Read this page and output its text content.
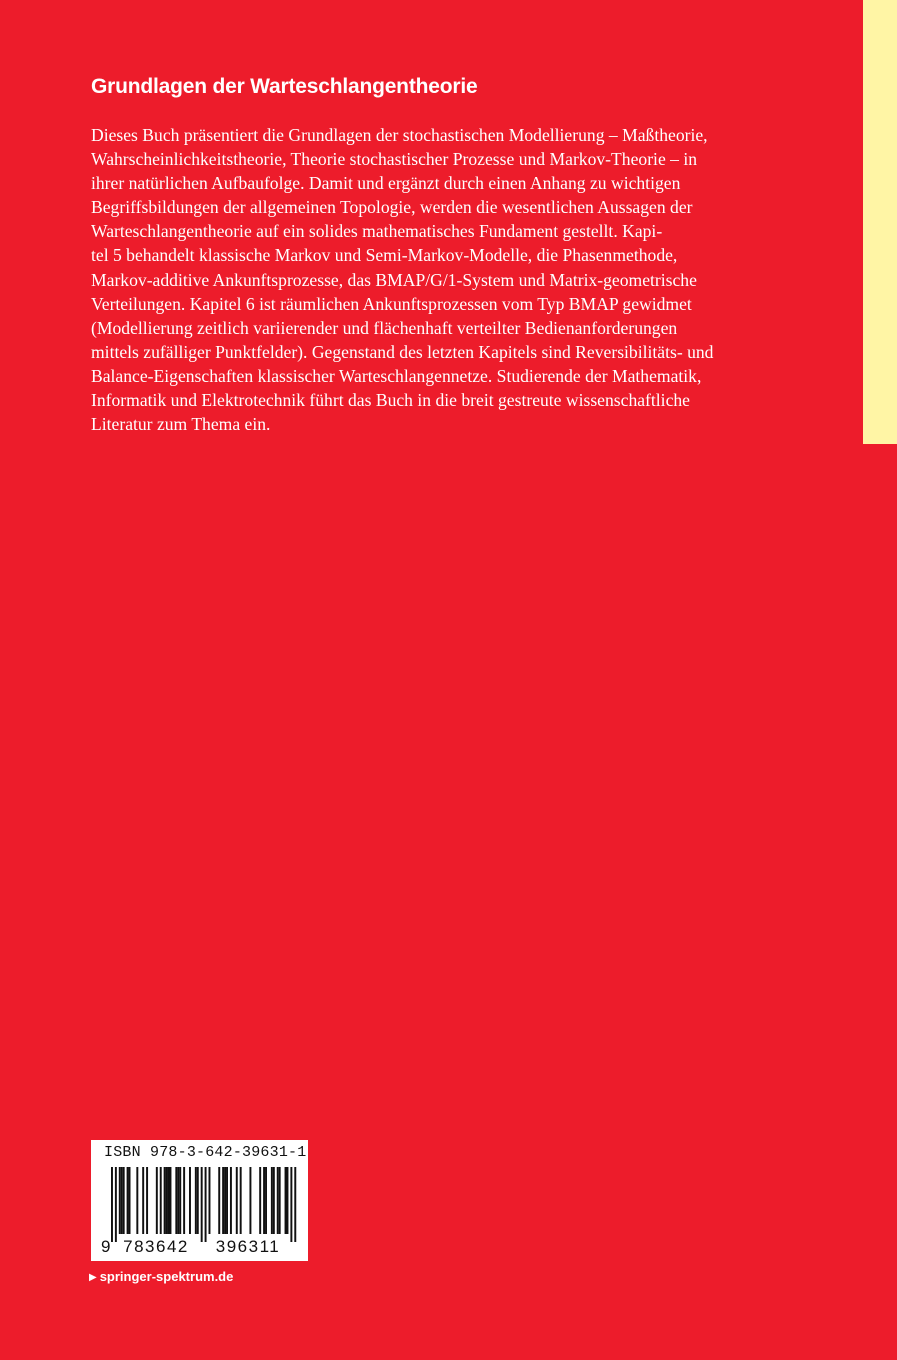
Grundlagen der Warteschlangentheorie
Dieses Buch präsentiert die Grundlagen der stochastischen Modellierung – Maßtheorie,
Wahrscheinlichkeitstheorie, Theorie stochastischer Prozesse und Markov-Theorie – in
ihrer natürlichen Aufbaufolge. Damit und ergänzt durch einen Anhang zu wichtigen
Begriffsbildungen der allgemeinen Topologie, werden die wesentlichen Aussagen der
Warteschlangentheorie auf ein solides mathematisches Fundament gestellt. Kapi-
tel 5 behandelt klassische Markov und Semi-Markov-Modelle, die Phasenmethode,
Markov-additive Ankunftsprozesse, das BMAP/G/1-System und Matrix-geometrische
Verteilungen. Kapitel 6 ist räumlichen Ankunftsprozessen vom Typ BMAP gewidmet
(Modellierung zeitlich variierender und flächenhaft verteilter Bedienanforderungen
mittels zufälliger Punktfelder). Gegenstand des letzten Kapitels sind Reversibilitäts- und
Balance-Eigenschaften klassischer Warteschlangennetze. Studierende der Mathematik,
Informatik und Elektrotechnik führt das Buch in die breit gestreute wissenschaftliche
Literatur zum Thema ein.

ISBN 978-3-642-39631-1

9 783642 396311

▶ springer-spektrum.de
